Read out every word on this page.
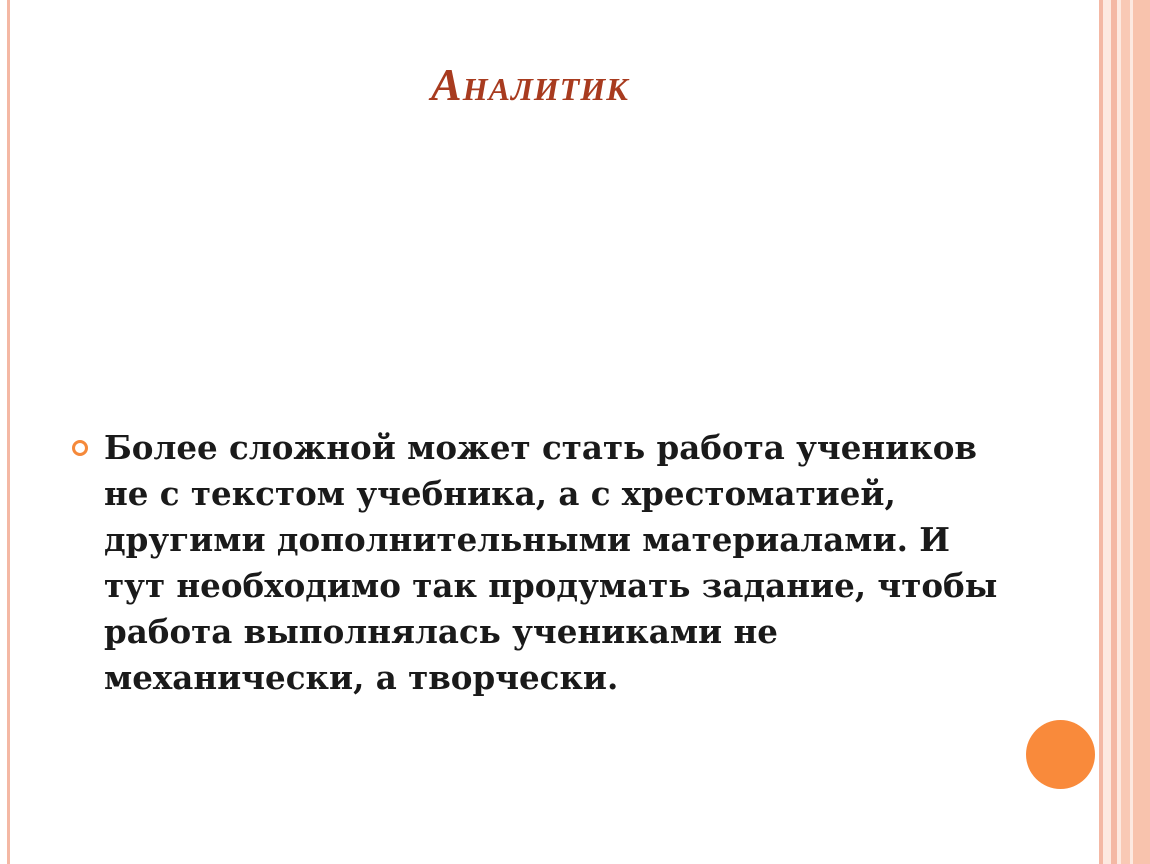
Аналитик

Более сложной может стать работа учеников не с текстом учебника, а с хрестоматией, другими дополнительными материалами. И тут необходимо так продумать задание, чтобы работа выполнялась учениками не механически, а творчески.
